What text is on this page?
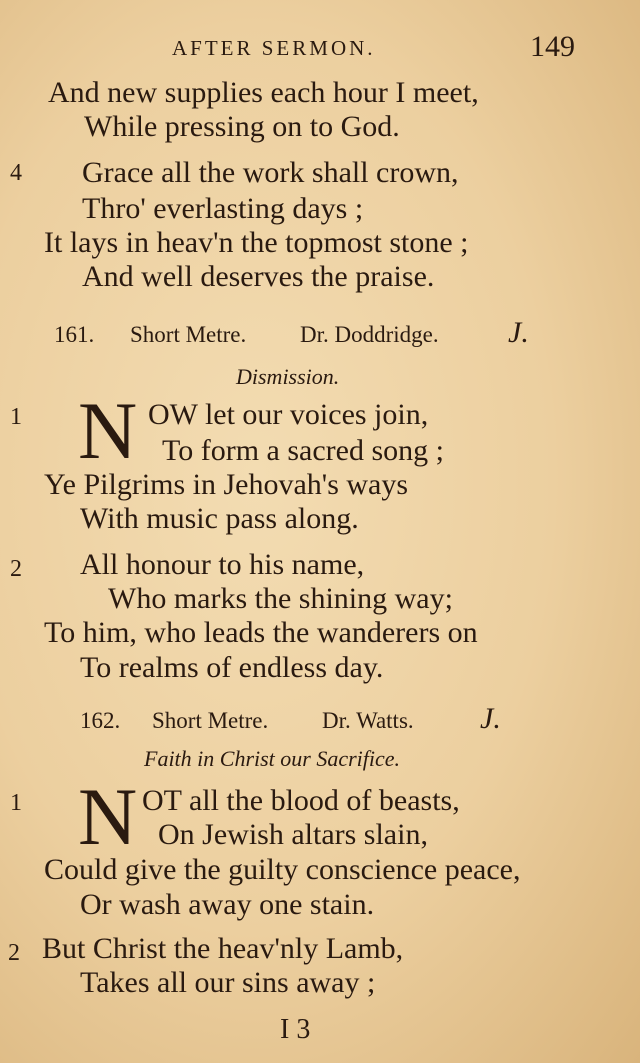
AFTER SERMON.	149
And new supplies each hour I meet,
While pressing on to God.
4 Grace all the work shall crown,
Thro' everlasting days ;
It lays in heav'n the topmost stone ;
And well deserves the praise.
161. Short Metre. Dr. Doddridge. J.
Dismission.
1 N OW let our voices join,
To form a sacred song ;
Ye Pilgrims in Jehovah's ways
With music pass along.
2 All honour to his name,
Who marks the shining way;
To him, who leads the wanderers on
To realms of endless day.
162. Short Metre. Dr. Watts. J.
Faith in Christ our Sacrifice.
1 N OT all the blood of beasts,
On Jewish altars slain,
Could give the guilty conscience peace,
Or wash away one stain.
2 But Christ the heav'nly Lamb,
Takes all our sins away ;
I 3
